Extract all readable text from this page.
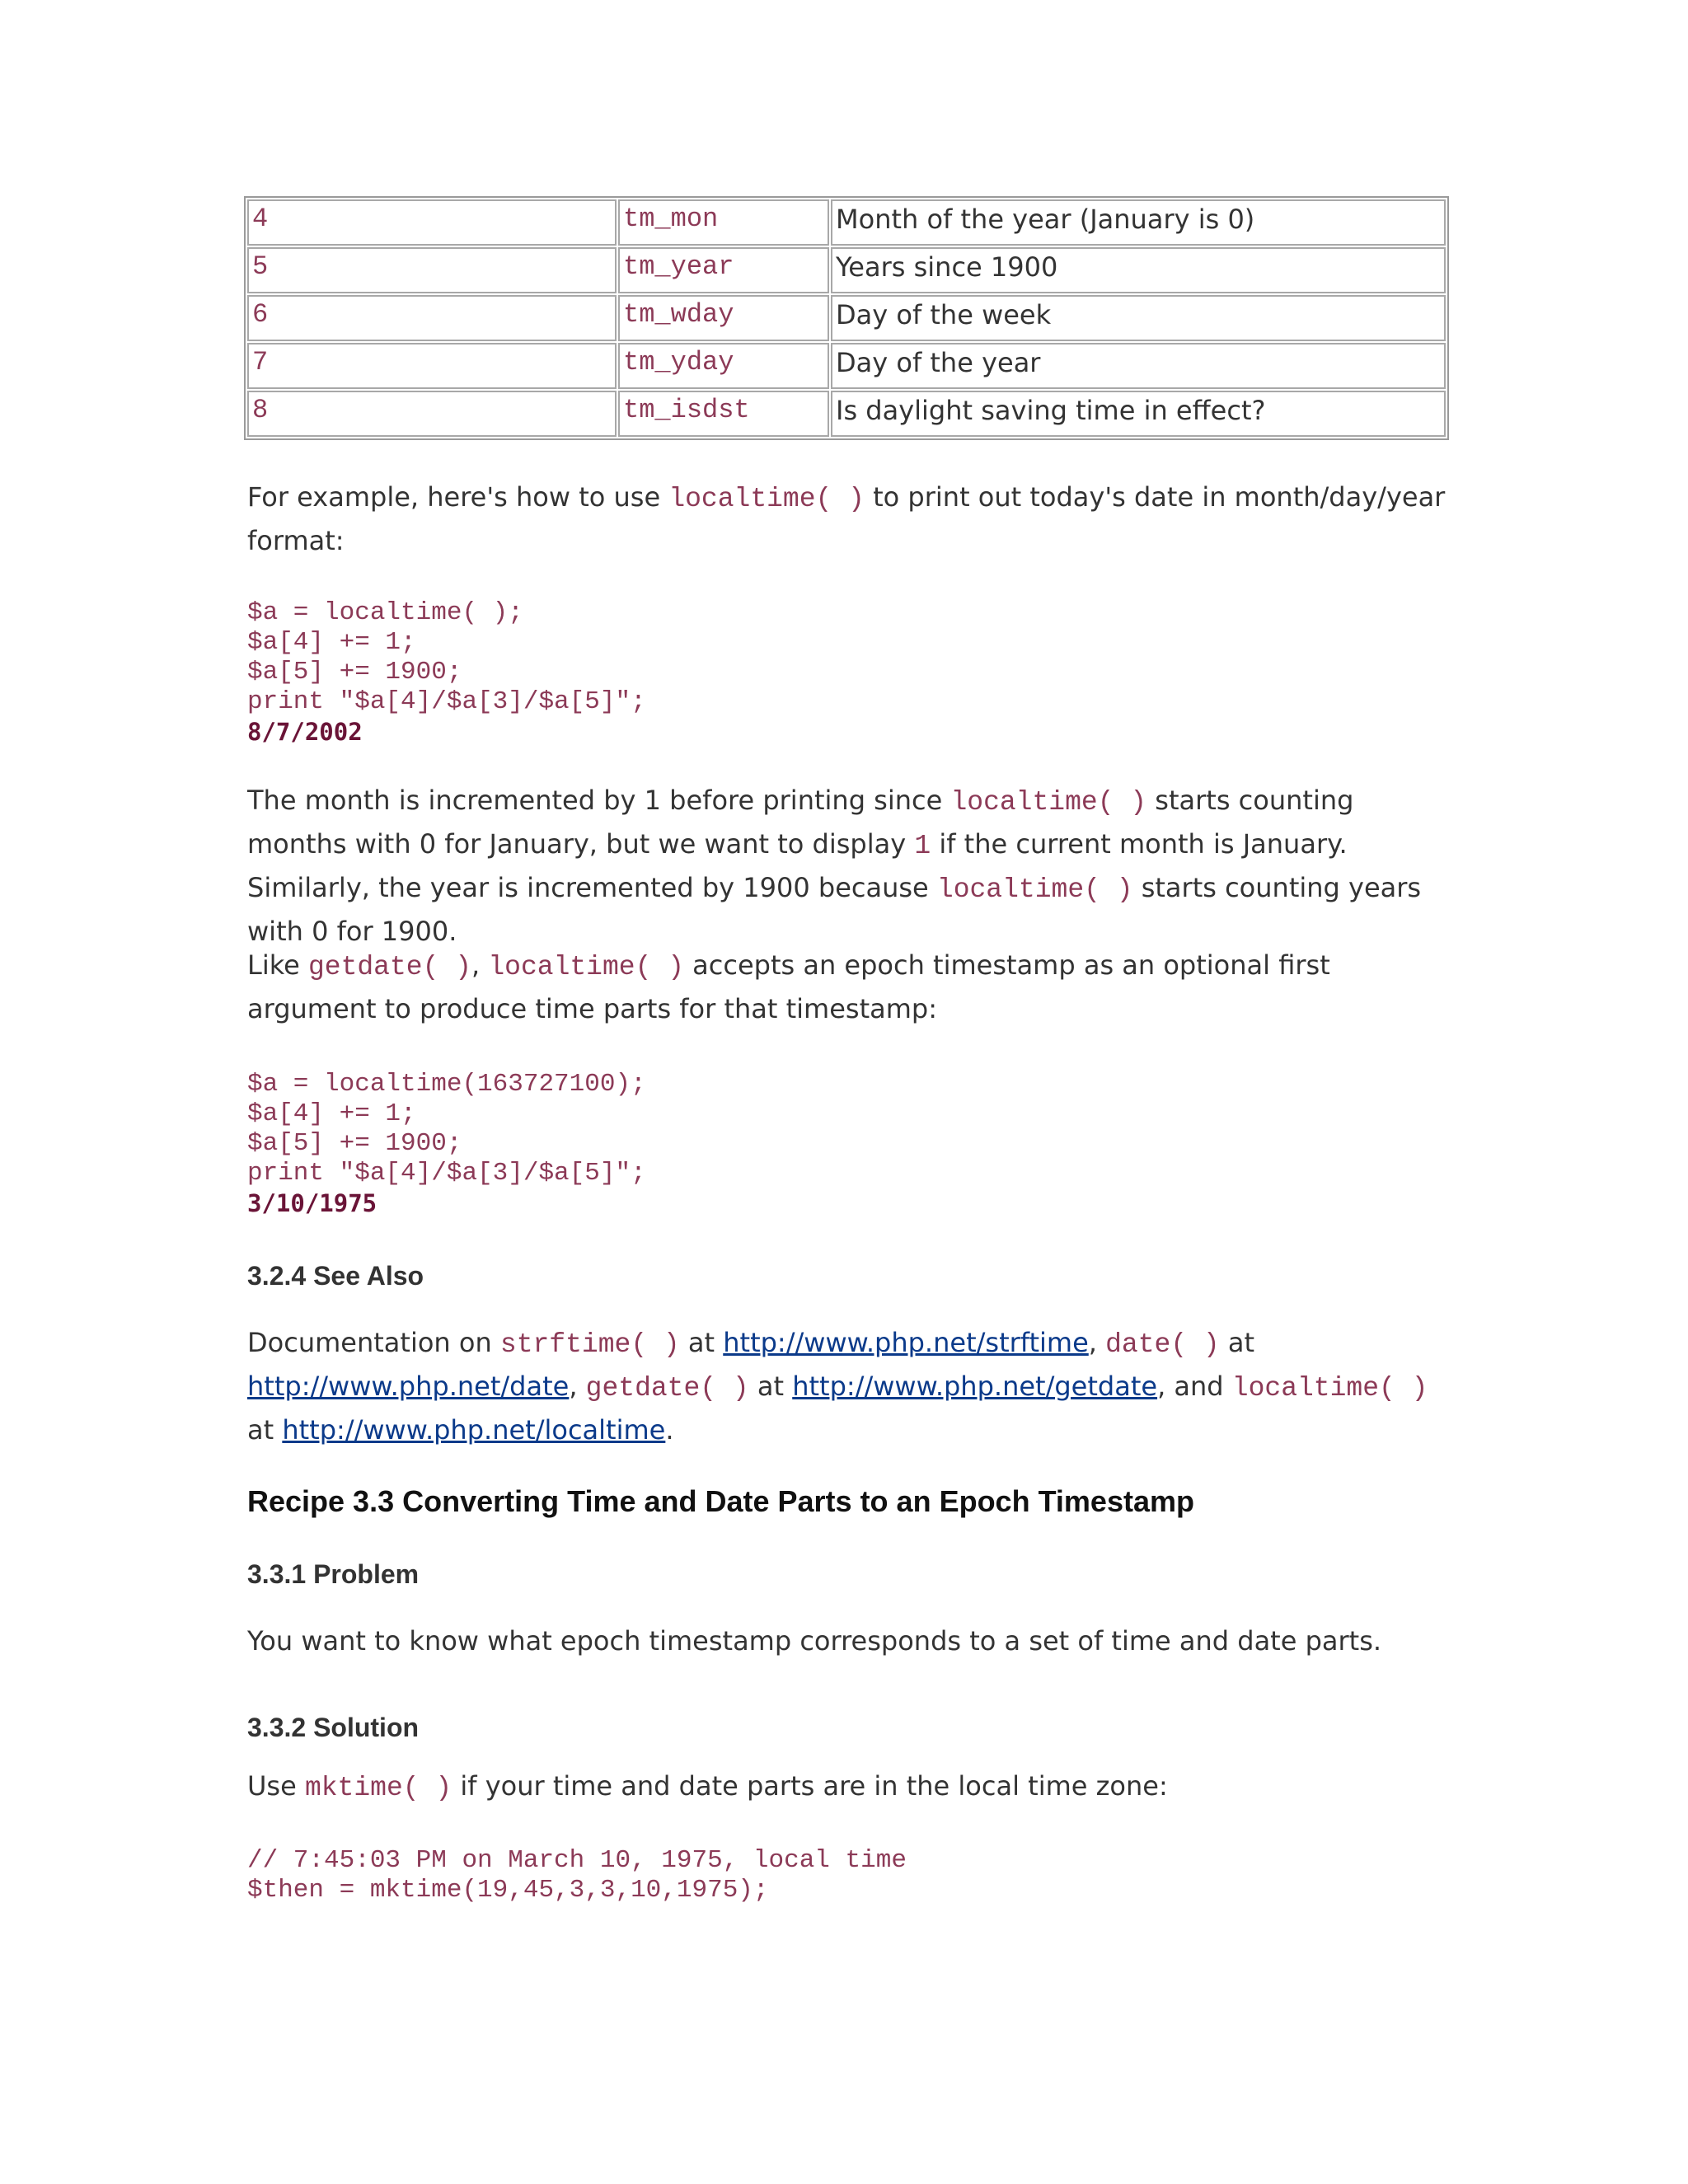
4	tm_mon	Month of the year (January is 0)
5	tm_year	Years since 1900
6	tm_wday	Day of the week
7	tm_yday	Day of the year
8	tm_isdst	Is daylight saving time in effect?

For example, here's how to use localtime( ) to print out today's date in month/day/year format:

$a = localtime( );
$a[4] += 1;
$a[5] += 1900;
print "$a[4]/$a[3]/$a[5]";
8/7/2002

The month is incremented by 1 before printing since localtime( ) starts counting months with 0 for January, but we want to display 1 if the current month is January. Similarly, the year is incremented by 1900 because localtime( ) starts counting years with 0 for 1900.

Like getdate( ), localtime( ) accepts an epoch timestamp as an optional first argument to produce time parts for that timestamp:

$a = localtime(163727100);
$a[4] += 1;
$a[5] += 1900;
print "$a[4]/$a[3]/$a[5]";
3/10/1975
3.2.4 See Also

Documentation on strftime( ) at http://www.php.net/strftime, date( ) at http://www.php.net/date, getdate( ) at http://www.php.net/getdate, and localtime( ) at http://www.php.net/localtime.

Recipe 3.3 Converting Time and Date Parts to an Epoch Timestamp
3.3.1 Problem

You want to know what epoch timestamp corresponds to a set of time and date parts.

3.3.2 Solution

Use mktime( ) if your time and date parts are in the local time zone:

// 7:45:03 PM on March 10, 1975, local time
$then = mktime(19,45,3,3,10,1975);
